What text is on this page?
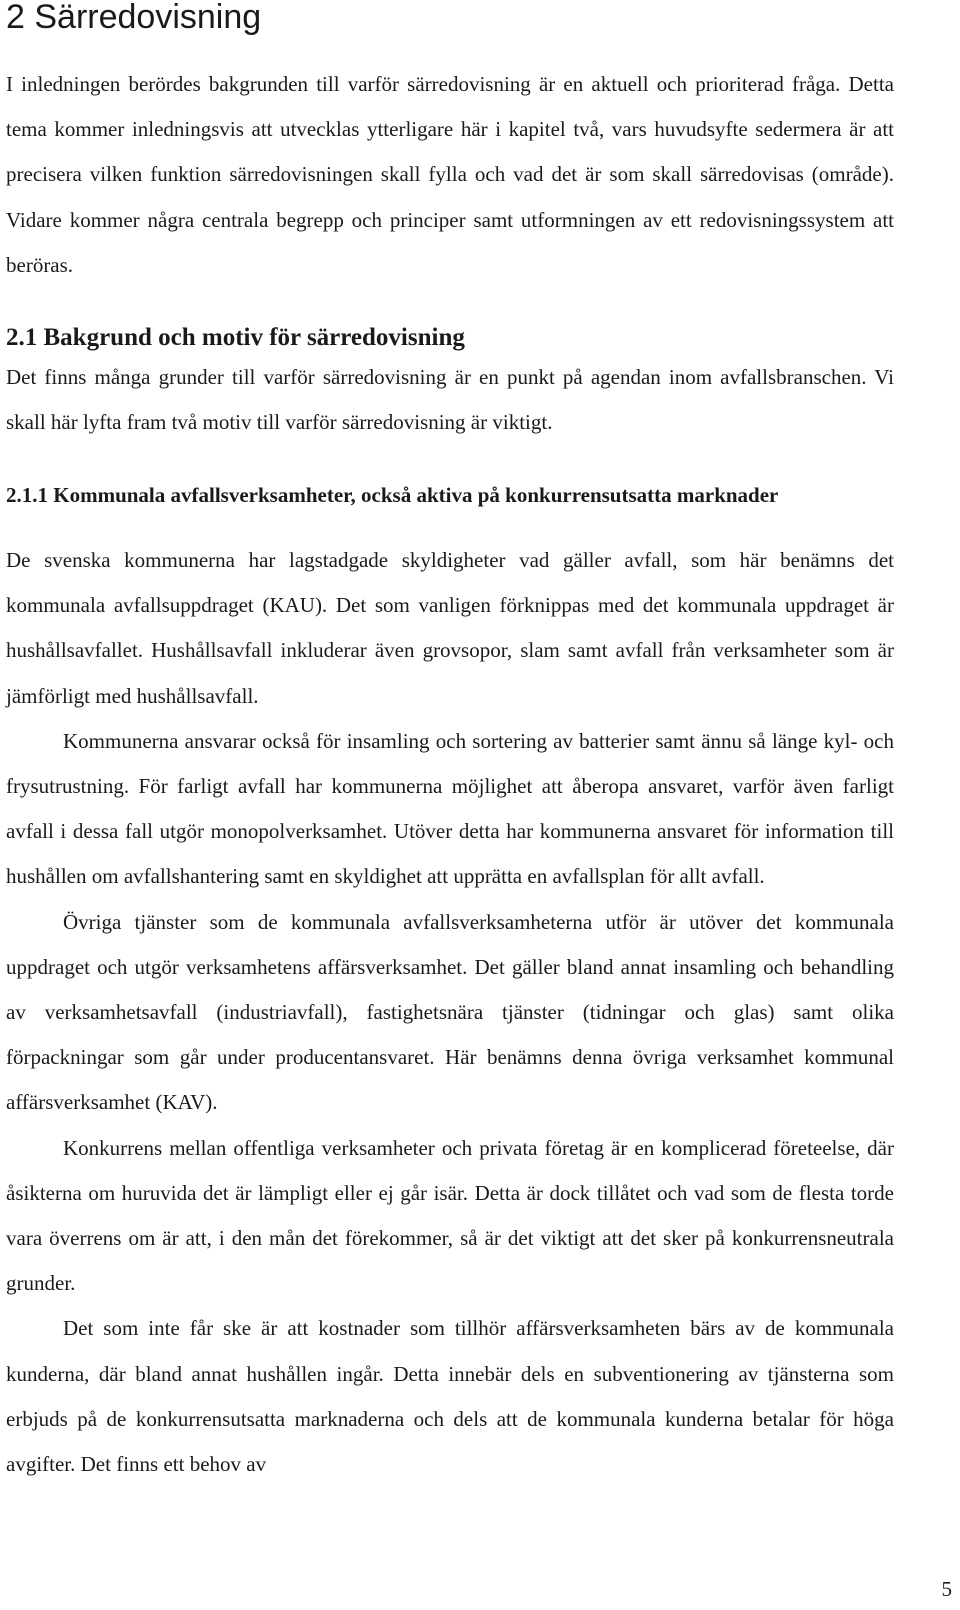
2 Särredovisning

I inledningen berördes bakgrunden till varför särredovisning är en aktuell och prioriterad fråga. Detta tema kommer inledningsvis att utvecklas ytterligare här i kapitel två, vars huvudsyfte sedermera är att precisera vilken funktion särredovisningen skall fylla och vad det är som skall särredovisas (område). Vidare kommer några centrala begrepp och principer samt utformningen av ett redovisningssystem att beröras.

2.1 Bakgrund och motiv för särredovisning

Det finns många grunder till varför särredovisning är en punkt på agendan inom avfallsbranschen. Vi skall här lyfta fram två motiv till varför särredovisning är viktigt.

2.1.1 Kommunala avfallsverksamheter, också aktiva på konkurrensutsatta marknader

De svenska kommunerna har lagstadgade skyldigheter vad gäller avfall, som här benämns det kommunala avfallsuppdraget (KAU). Det som vanligen förknippas med det kommunala uppdraget är hushållsavfallet. Hushållsavfall inkluderar även grovsopor, slam samt avfall från verksamheter som är jämförligt med hushållsavfall.

Kommunerna ansvarar också för insamling och sortering av batterier samt ännu så länge kyl- och frysutrustning. För farligt avfall har kommunerna möjlighet att åberopa ansvaret, varför även farligt avfall i dessa fall utgör monopolverksamhet. Utöver detta har kommunerna ansvaret för information till hushållen om avfallshantering samt en skyldighet att upprätta en avfallsplan för allt avfall.

Övriga tjänster som de kommunala avfallsverksamheterna utför är utöver det kommunala uppdraget och utgör verksamhetens affärsverksamhet. Det gäller bland annat insamling och behandling av verksamhetsavfall (industriavfall), fastighetsnära tjänster (tidningar och glas) samt olika förpackningar som går under producentansvaret. Här benämns denna övriga verksamhet kommunal affärsverksamhet (KAV).

Konkurrens mellan offentliga verksamheter och privata företag är en komplicerad företeelse, där åsikterna om huruvida det är lämpligt eller ej går isär. Detta är dock tillåtet och vad som de flesta torde vara överrens om är att, i den mån det förekommer, så är det viktigt att det sker på konkurrensneutrala grunder.

Det som inte får ske är att kostnader som tillhör affärsverksamheten bärs av de kommunala kunderna, där bland annat hushållen ingår. Detta innebär dels en subventionering av tjänsterna som erbjuds på de konkurrensutsatta marknaderna och dels att de kommunala kunderna betalar för höga avgifter. Det finns ett behov av

5
